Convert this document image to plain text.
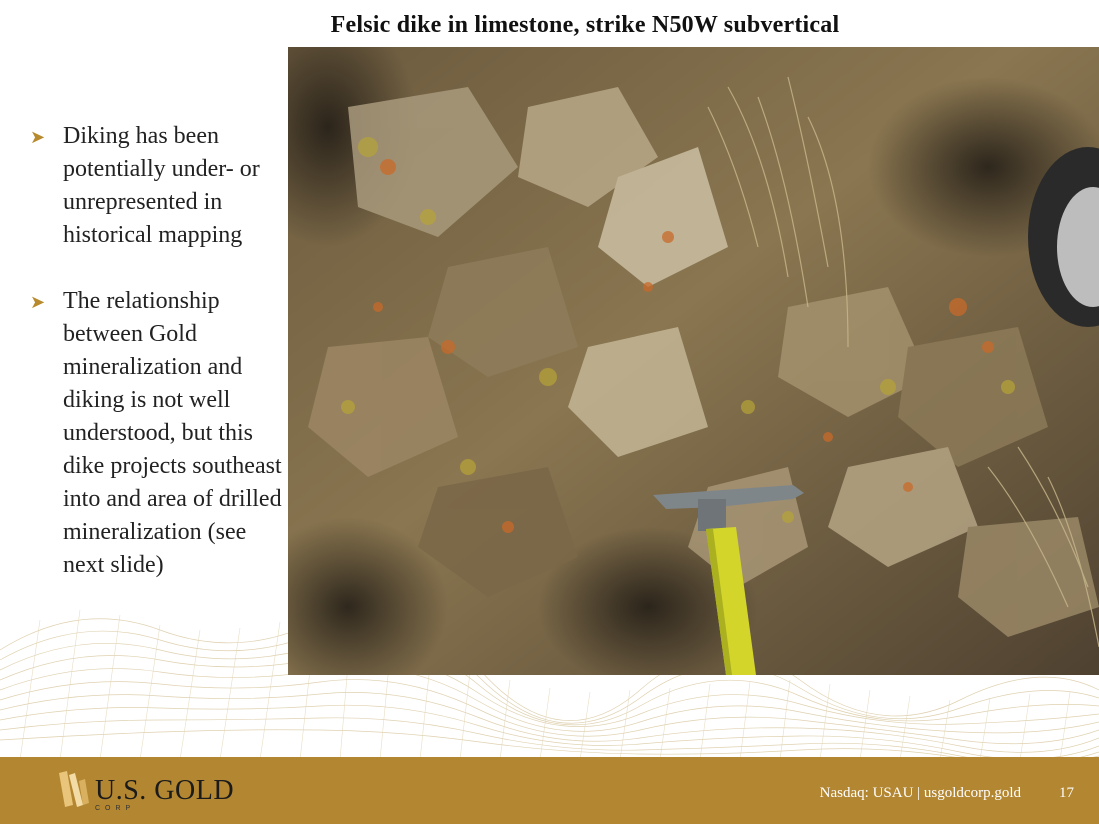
Felsic dike in limestone, strike N50W subvertical
➤ Diking has been potentially under- or unrepresented in historical mapping
➤ The relationship between Gold mineralization and diking is not well understood, but this dike projects southeast into and area of drilled mineralization (see next slide)
U.S. GOLD
CORP
Nasdaq: USAU | usgoldcorp.gold	17
